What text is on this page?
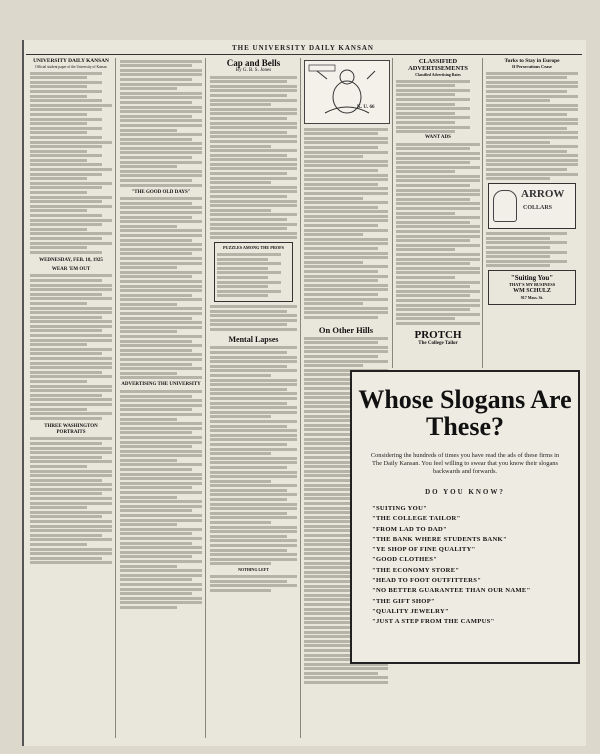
THE UNIVERSITY DAILY KANSAN
UNIVERSITY DAILY KANSAN
Official student paper of the University of Kansas
WEDNESDAY, FEB. 18, 1925
WEAR 'EM OUT
THREE WASHINGTON PORTRAITS
"THE GOOD OLD DAYS"
ADVERTISING THE UNIVERSITY
Cap and Bells
By G. B. S. Jones
PUZZLES AMONG THE PROFS
Mental Lapses
NOTHING LEFT
K. U. 66
On Other Hills
CLASSIFIED ADVERTISEMENTS
Classified Advertising Rates
WANT ADS
PROTCH
The College Tailor
Turks to Stay in Europe
If Persecutions Cease
ARROW
COLLARS
"Suiting You"
THAT'S MY BUSINESS
WM SCHULZ
917 Mass. St.
Whose Slogans Are These?
Considering the hundreds of times you have read the ads of these firms in The Daily Kansan. You feel willing to swear that you know their slogans backwards and forwards.
DO YOU KNOW?
"SUITING YOU"
"THE COLLEGE TAILOR"
"FROM LAD TO DAD"
"THE BANK WHERE STUDENTS BANK"
"YE SHOP OF FINE QUALITY"
"GOOD CLOTHES"
"THE ECONOMY STORE"
"HEAD TO FOOT OUTFITTERS"
"NO BETTER GUARANTEE THAN OUR NAME"
"THE GIFT SHOP"
"QUALITY JEWELRY"
"JUST A STEP FROM THE CAMPUS"
